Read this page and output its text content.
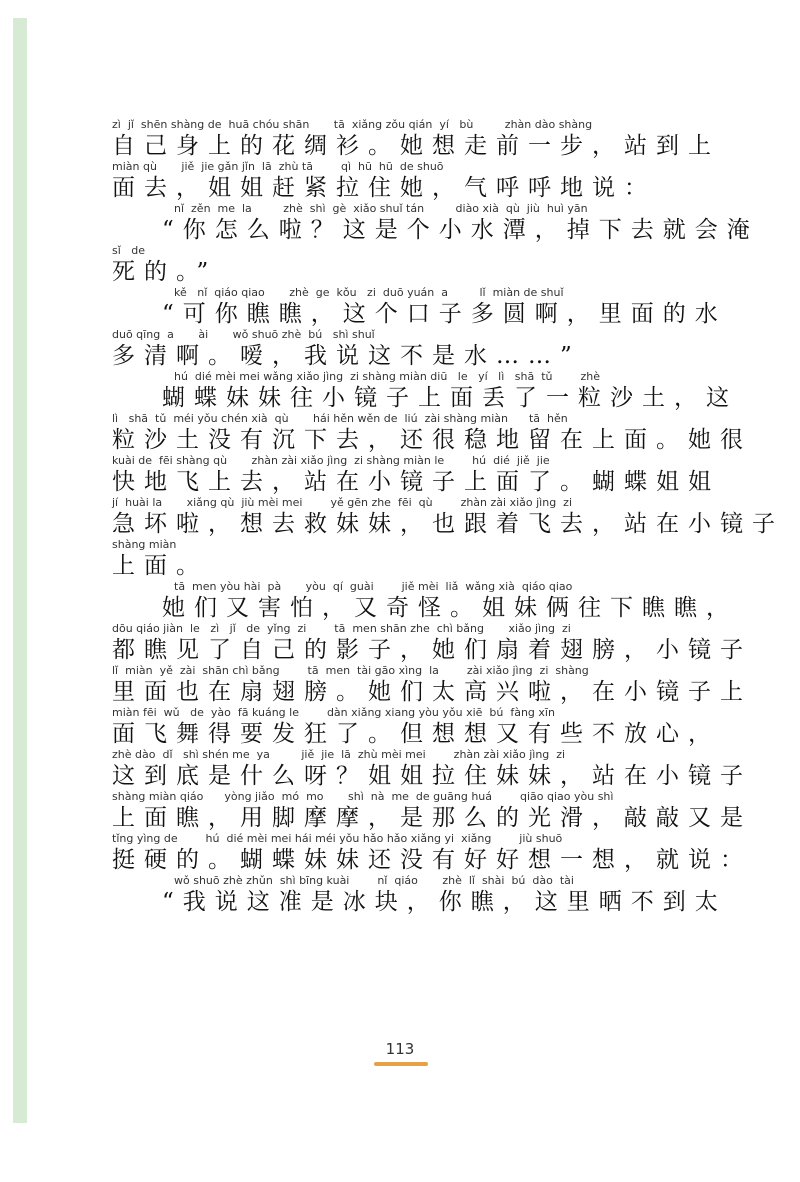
zì  jǐ  shēn shàng de  huā chóu shān       tā  xiǎng zǒu qián  yí   bù         zhàn dào shàng
自己身上的花绸衫。她想走前一步，站到上
miàn qù       jiě  jie gǎn jǐn  lā  zhù tā        qì  hū  hū  de shuō
面去，姐姐赶紧拉住她，气呼呼地说：
nǐ  zěn  me  la         zhè  shì  gè  xiǎo shuǐ tán         diào xià  qù  jiù  huì yān
“你怎么啦？这是个小水潭，掉下去就会淹
sǐ   de
死的。”
kě   nǐ  qiáo qiao       zhè  ge  kǒu   zi  duō yuán  a         lǐ  miàn de shuǐ
“可你瞧瞧，这个口子多圆啊，里面的水
duō qīng  a       ài       wǒ shuō zhè  bú   shì shuǐ
多清啊。嗳，我说这不是水……”
hú  dié mèi mei wǎng xiǎo jìng  zi shàng miàn diū   le   yí   lì   shā  tǔ        zhè
蝴蝶妹妹往小镜子上面丢了一粒沙土，这
lì   shā  tǔ  méi yǒu chén xià  qù       hái hěn wěn de  liú  zài shàng miàn      tā  hěn
粒沙土没有沉下去，还很稳地留在上面。她很
kuài de  fēi shàng qù       zhàn zài xiǎo jìng  zi shàng miàn le        hú  dié  jiě  jie
快地飞上去，站在小镜子上面了。蝴蝶姐姐
jí  huài la       xiǎng qù  jiù mèi mei        yě gēn zhe  fēi  qù        zhàn zài xiǎo jìng  zi
急坏啦，想去救妹妹，也跟着飞去，站在小镜子
shàng miàn
上面。
tā  men yòu hài  pà       yòu  qí  guài        jiě mèi  liǎ  wǎng xià  qiáo qiao
她们又害怕，又奇怪。姐妹俩往下瞧瞧，
dōu qiáo jiàn  le   zì   jǐ   de  yǐng  zi        tā  men shān zhe  chì bǎng       xiǎo jìng  zi
都瞧见了自己的影子，她们扇着翅膀，小镜子
lǐ  miàn  yě  zài  shān chì bǎng        tā  men  tài gāo xìng  la        zài xiǎo jìng  zi  shàng
里面也在扇翅膀。她们太高兴啦，在小镜子上
miàn fēi  wǔ   de  yào  fā kuáng le        dàn xiǎng xiang yòu yǒu xiē  bú  fàng xīn
面飞舞得要发狂了。但想想又有些不放心，
zhè dào  dǐ   shì shén me  ya         jiě  jie  lā  zhù mèi mei        zhàn zài xiǎo jìng  zi
这到底是什么呀？姐姐拉住妹妹，站在小镜子
shàng miàn qiáo      yòng jiǎo  mó  mo       shì  nà  me  de guāng huá        qiāo qiao yòu shì
上面瞧，用脚摩摩，是那么的光滑，敲敲又是
tǐng yìng de        hú  dié mèi mei hái méi yǒu hǎo hǎo xiǎng yi  xiǎng        jiù shuō
挺硬的。蝴蝶妹妹还没有好好想一想，就说：
wǒ shuō zhè zhǔn  shì bīng kuài        nǐ  qiáo       zhè  lǐ  shài  bú  dào  tài
“我说这准是冰块，你瞧，这里晒不到太
113
